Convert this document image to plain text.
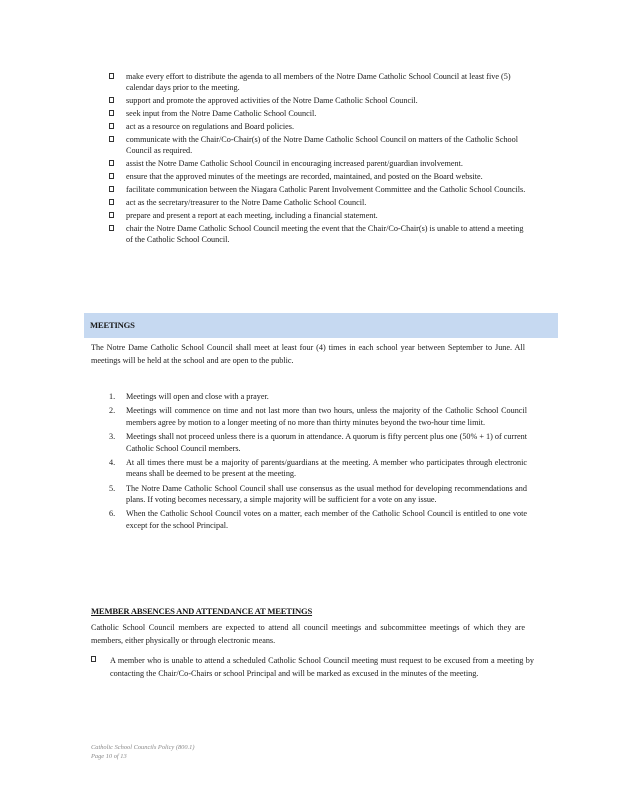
make every effort to distribute the agenda to all members of the Notre Dame Catholic School Council at least five (5) calendar days prior to the meeting.
support and promote the approved activities of the Notre Dame Catholic School Council.
seek input from the Notre Dame Catholic School Council.
act as a resource on regulations and Board policies.
communicate with the Chair/Co-Chair(s) of the Notre Dame Catholic School Council on matters of the Catholic School Council as required.
assist the Notre Dame Catholic School Council in encouraging increased parent/guardian involvement.
ensure that the approved minutes of the meetings are recorded, maintained, and posted on the Board website.
facilitate communication between the Niagara Catholic Parent Involvement Committee and the Catholic School Councils.
act as the secretary/treasurer to the Notre Dame Catholic School Council.
prepare and present a report at each meeting, including a financial statement.
chair the Notre Dame Catholic School Council meeting the event that the Chair/Co-Chair(s) is unable to attend a meeting of the Catholic School Council.
MEETINGS
The Notre Dame Catholic School Council shall meet at least four (4) times in each school year between September to June. All meetings will be held at the school and are open to the public.
1. Meetings will open and close with a prayer.
2. Meetings will commence on time and not last more than two hours, unless the majority of the Catholic School Council members agree by motion to a longer meeting of no more than thirty minutes beyond the two-hour time limit.
3. Meetings shall not proceed unless there is a quorum in attendance. A quorum is fifty percent plus one (50% + 1) of current Catholic School Council members.
4. At all times there must be a majority of parents/guardians at the meeting. A member who participates through electronic means shall be deemed to be present at the meeting.
5. The Notre Dame Catholic School Council shall use consensus as the usual method for developing recommendations and plans. If voting becomes necessary, a simple majority will be sufficient for a vote on any issue.
6. When the Catholic School Council votes on a matter, each member of the Catholic School Council is entitled to one vote except for the school Principal.
MEMBER ABSENCES AND ATTENDANCE AT MEETINGS
Catholic School Council members are expected to attend all council meetings and subcommittee meetings of which they are members, either physically or through electronic means.
A member who is unable to attend a scheduled Catholic School Council meeting must request to be excused from a meeting by contacting the Chair/Co-Chairs or school Principal and will be marked as excused in the minutes of the meeting.
Catholic School Councils Policy (800.1)
Page 10 of 13
